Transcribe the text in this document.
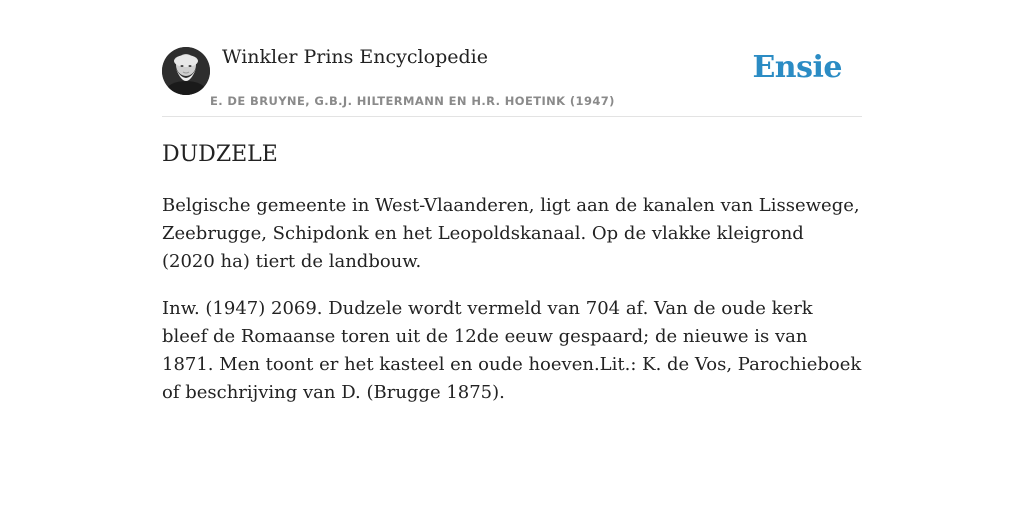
Winkler Prins Encyclopedie
E. DE BRUYNE, G.B.J. HILTERMANN EN H.R. HOETINK (1947)
Ensie
DUDZELE

Belgische gemeente in West-Vlaanderen, ligt aan de kanalen van Lissewege, Zeebrugge, Schipdonk en het Leopoldskanaal. Op de vlakke kleigrond (2020 ha) tiert de landbouw.

Inw. (1947) 2069. Dudzele wordt vermeld van 704 af. Van de oude kerk bleef de Romaanse toren uit de 12de eeuw gespaard; de nieuwe is van 1871. Men toont er het kasteel en oude hoeven.Lit.: K. de Vos, Parochieboek of beschrijving van D. (Brugge 1875).
